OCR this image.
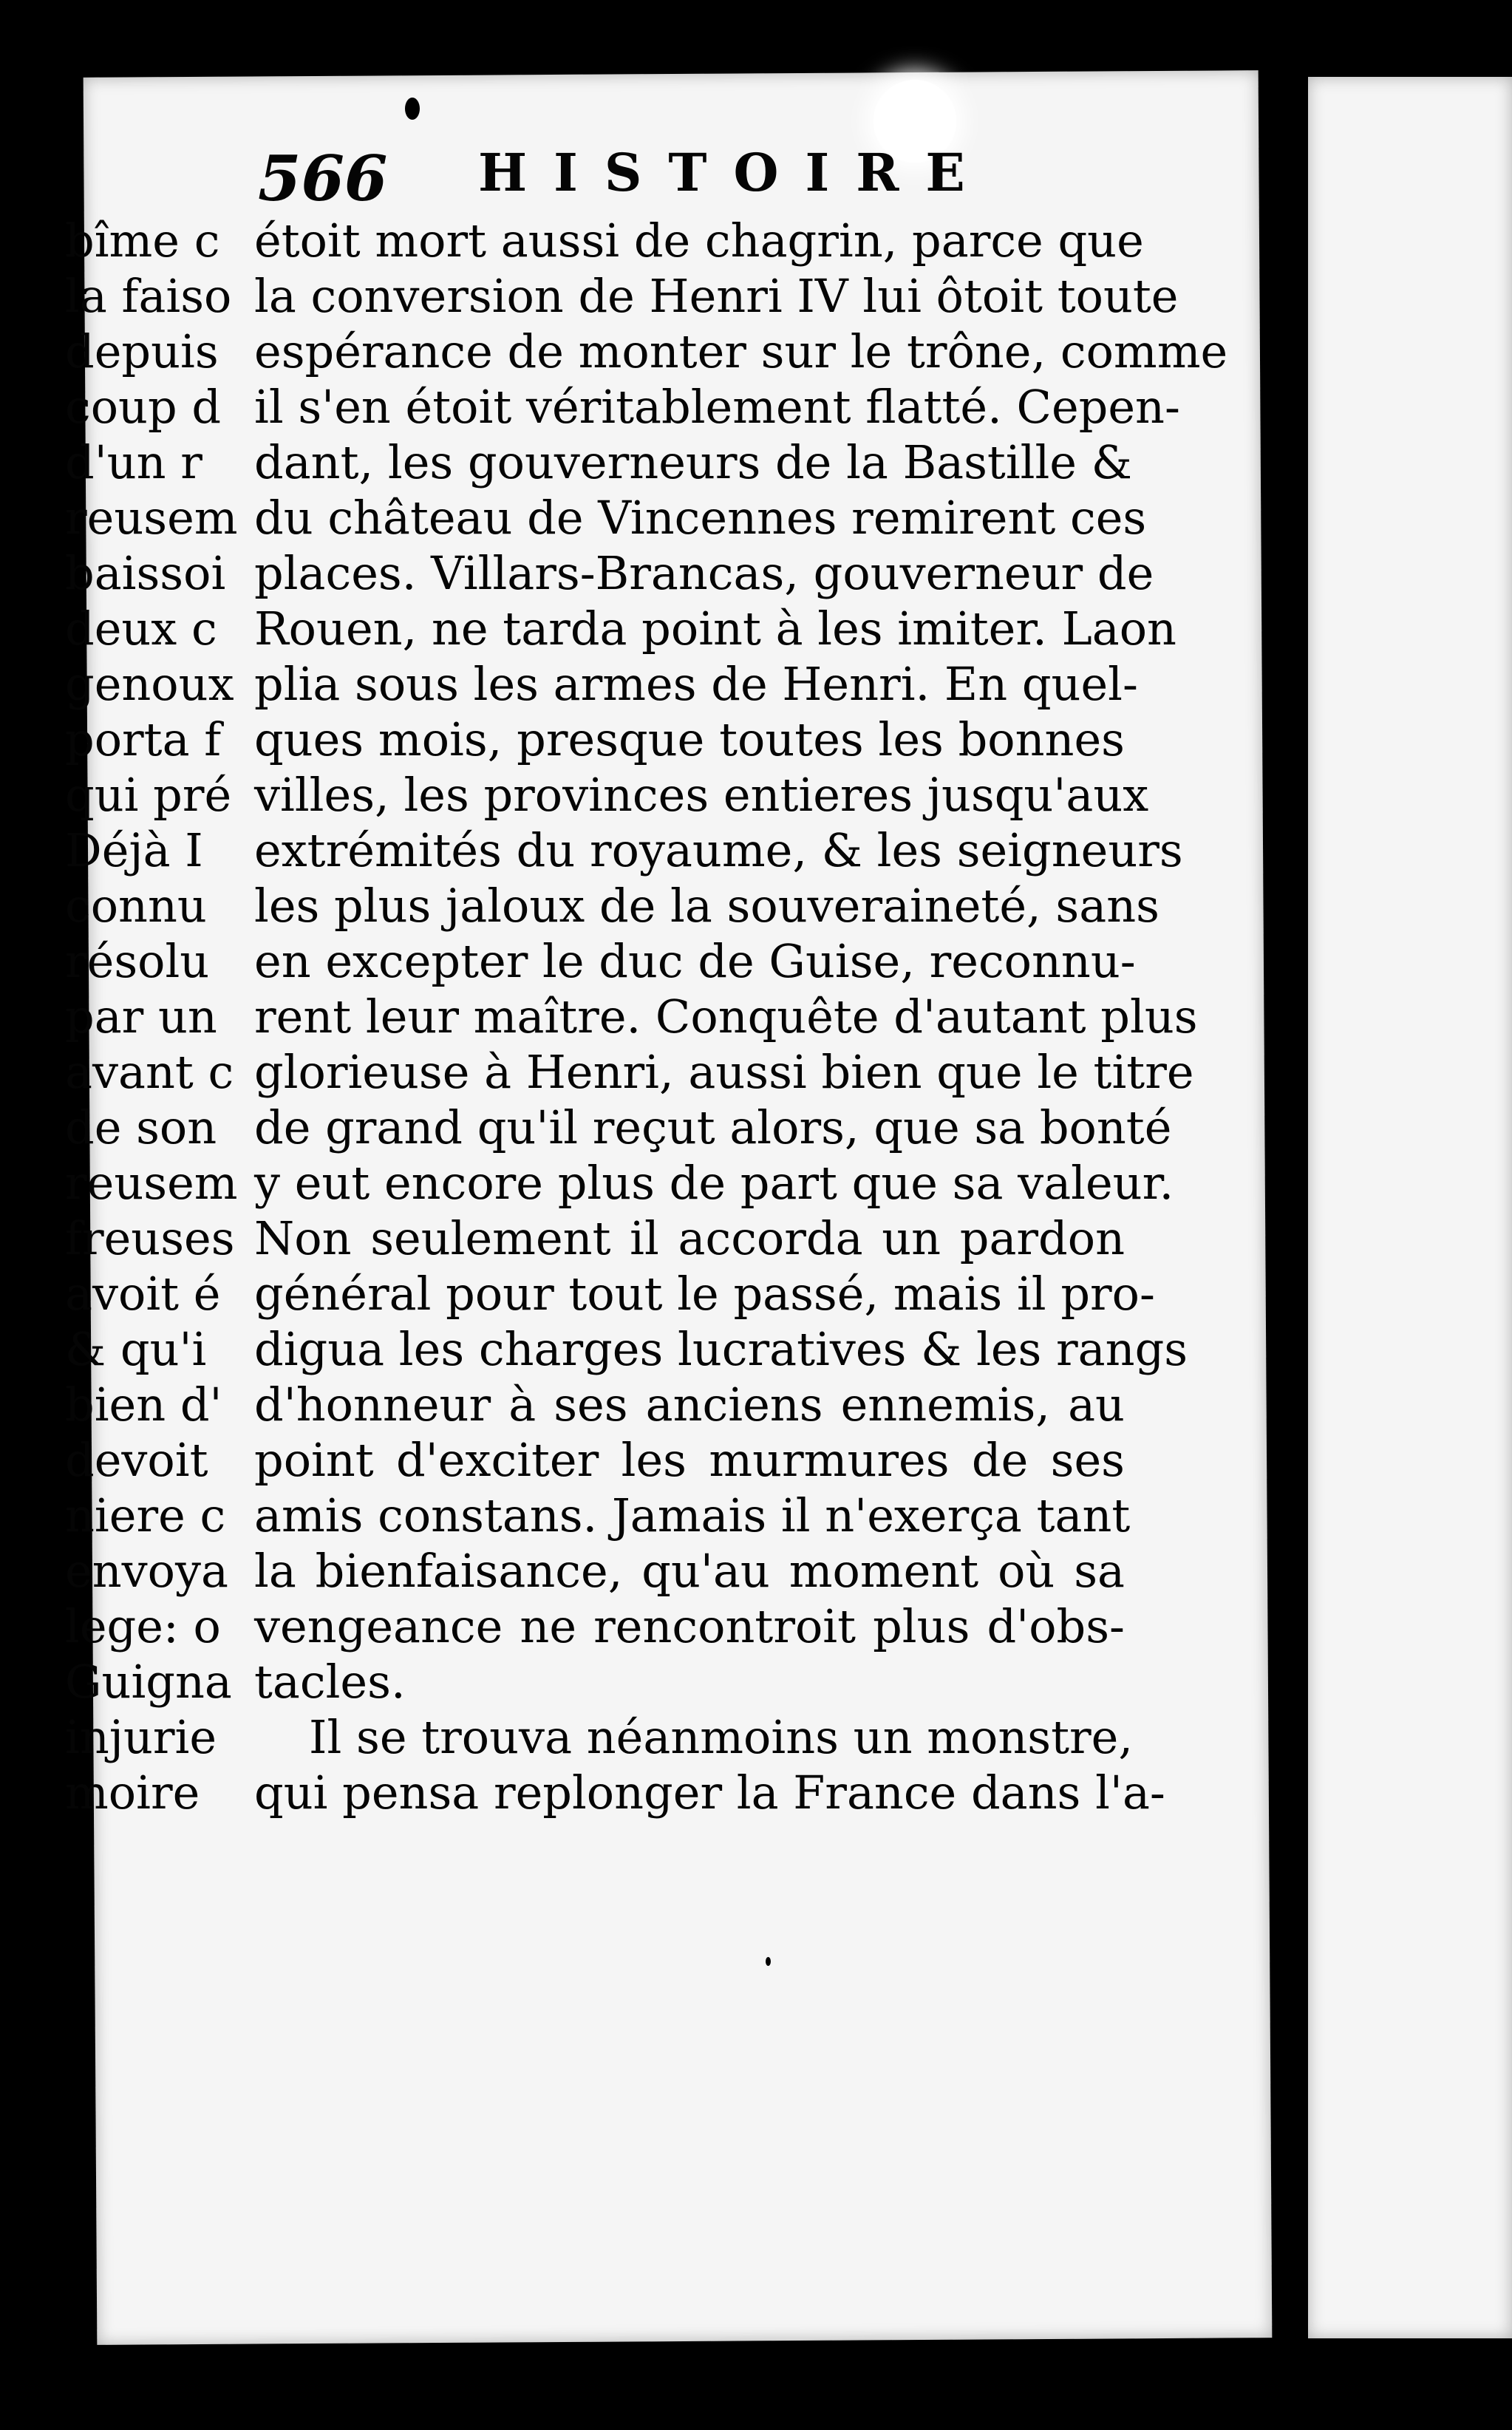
566 HISTOIRE
étoit mort aussi de chagrin, parce que
la conversion de Henri IV lui ôtoit toute
espérance de monter sur le trône, comme
il s'en étoit véritablement flatté. Cepen-
dant, les gouverneurs de la Bastille &
du château de Vincennes remirent ces
places. Villars-Brancas, gouverneur de
Rouen, ne tarda point à les imiter. Laon
plia sous les armes de Henri. En quel-
ques mois, presque toutes les bonnes
villes, les provinces entieres jusqu'aux
extrémités du royaume, & les seigneurs
les plus jaloux de la souveraineté, sans
en excepter le duc de Guise, reconnu-
rent leur maître. Conquête d'autant plus
glorieuse à Henri, aussi bien que le titre
de grand qu'il reçut alors, que sa bonté
y eut encore plus de part que sa valeur.
Non seulement il accorda un pardon
général pour tout le passé, mais il pro-
digua les charges lucratives & les rangs
d'honneur à ses anciens ennemis, au
point d'exciter les murmures de ses
amis constans. Jamais il n'exerça tant
la bienfaisance, qu'au moment où sa
vengeance ne rencontroit plus d'obs-
tacles.
Il se trouva néanmoins un monstre,
qui pensa replonger la France dans l'a-
bîme c
la faiso
depuis
coup d
d'un r
reusem
baissoi
deux c
genoux
porta f
qui pré
Déjà I
connu
résolu
par un
avant c
de son
reusem
freuses
avoit é
& qu'i
bien d'
devoit
niere c
envoya
lege: o
Guigna
injurie
moire
